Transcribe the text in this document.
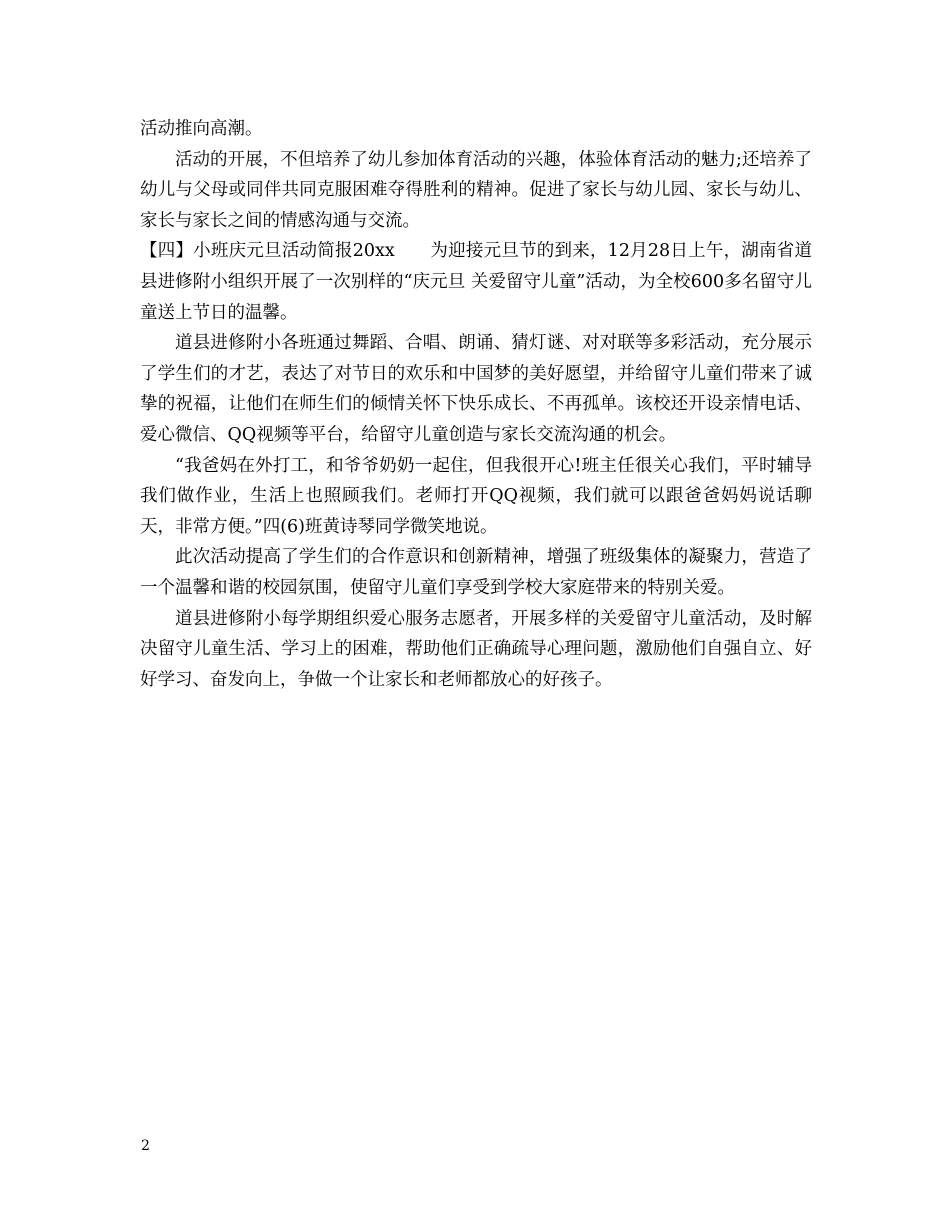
活动推向高潮。

活动的开展，不但培养了幼儿参加体育活动的兴趣，体验体育活动的魅力;还培养了幼儿与父母或同伴共同克服困难夺得胜利的精神。促进了家长与幼儿园、家长与幼儿、家长与家长之间的情感沟通与交流。

【四】小班庆元旦活动简报20xx　　为迎接元旦节的到来，12月28日上午，湖南省道县进修附小组织开展了一次别样的“庆元旦 关爱留守儿童”活动，为全校600多名留守儿童送上节日的温馨。

道县进修附小各班通过舞蹈、合唱、朗诵、猜灯谜、对对联等多彩活动，充分展示了学生们的才艺，表达了对节日的欢乐和中国梦的美好愿望，并给留守儿童们带来了诚挚的祝福，让他们在师生们的倾情关怀下快乐成长、不再孤单。该校还开设亲情电话、爱心微信、QQ视频等平台，给留守儿童创造与家长交流沟通的机会。

“我爸妈在外打工，和爷爷奶奶一起住，但我很开心!班主任很关心我们，平时辅导我们做作业，生活上也照顾我们。老师打开QQ视频，我们就可以跟爸爸妈妈说话聊天，非常方便。”四(6)班黄诗琴同学微笑地说。

此次活动提高了学生们的合作意识和创新精神，增强了班级集体的凝聚力，营造了一个温馨和谐的校园氛围，使留守儿童们享受到学校大家庭带来的特别关爱。

道县进修附小每学期组织爱心服务志愿者，开展多样的关爱留守儿童活动，及时解决留守儿童生活、学习上的困难，帮助他们正确疏导心理问题，激励他们自强自立、好好学习、奋发向上，争做一个让家长和老师都放心的好孩子。

2
